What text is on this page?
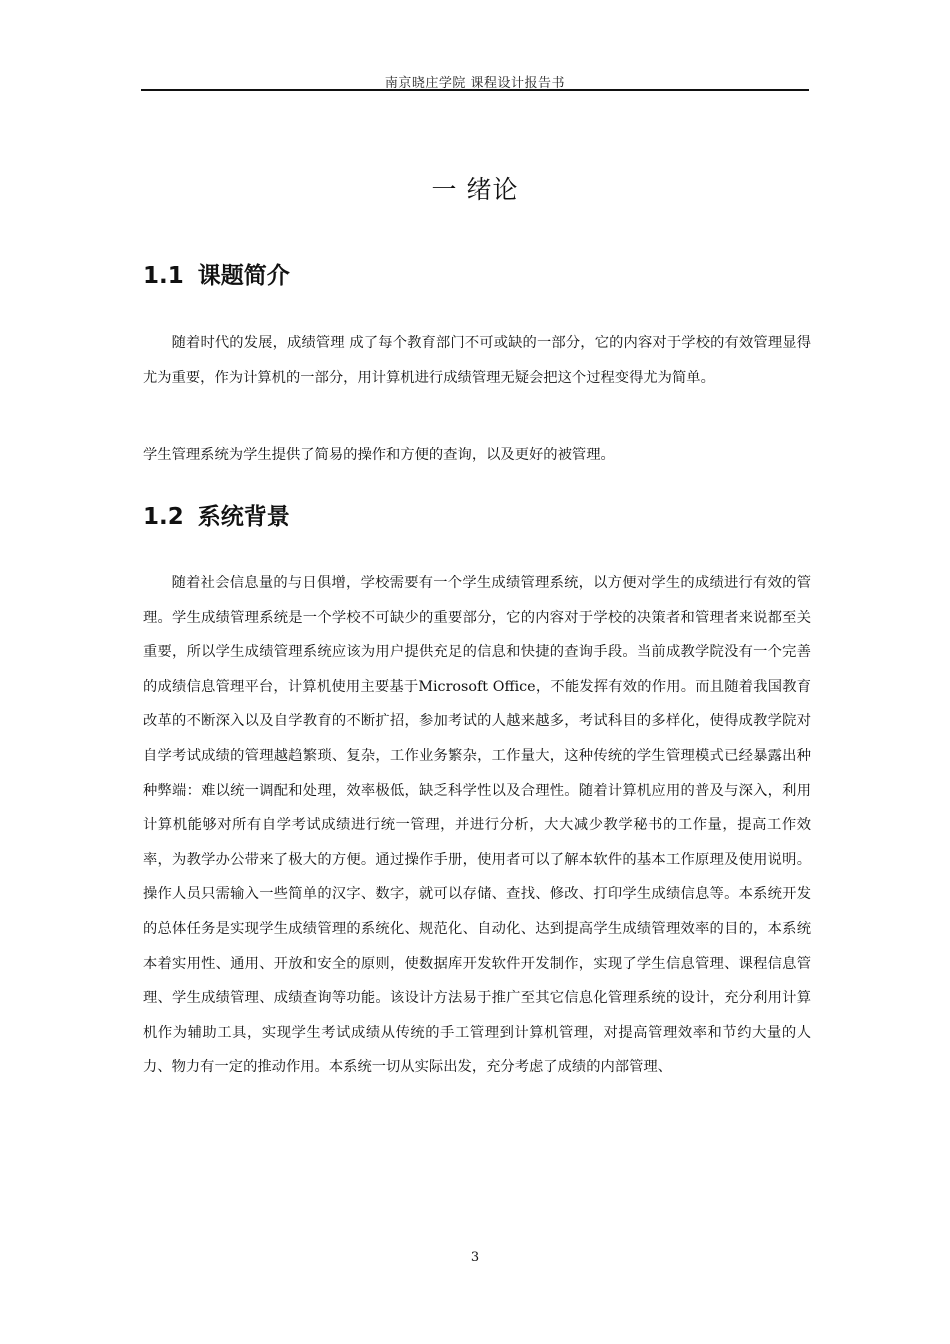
南京晓庄学院 课程设计报告书
一 绪论
1.1 课题简介

随着时代的发展，成绩管理 成了每个教育部门不可或缺的一部分，它的内容对于学校的有效管理显得尤为重要，作为计算机的一部分，用计算机进行成绩管理无疑会把这个过程变得尤为简单。

学生管理系统为学生提供了简易的操作和方便的查询，以及更好的被管理。

1.2 系统背景

随着社会信息量的与日俱增，学校需要有一个学生成绩管理系统，以方便对学生的成绩进行有效的管理。学生成绩管理系统是一个学校不可缺少的重要部分，它的内容对于学校的决策者和管理者来说都至关重要，所以学生成绩管理系统应该为用户提供充足的信息和快捷的查询手段。当前成教学院没有一个完善的成绩信息管理平台，计算机使用主要基于Microsoft Office，不能发挥有效的作用。而且随着我国教育改革的不断深入以及自学教育的不断扩招，参加考试的人越来越多，考试科目的多样化，使得成教学院对自学考试成绩的管理越趋繁琐、复杂，工作业务繁杂，工作量大，这种传统的学生管理模式已经暴露出种种弊端：难以统一调配和处理，效率极低，缺乏科学性以及合理性。随着计算机应用的普及与深入，利用计算机能够对所有自学考试成绩进行统一管理，并进行分析，大大减少教学秘书的工作量，提高工作效率，为教学办公带来了极大的方便。通过操作手册，使用者可以了解本软件的基本工作原理及使用说明。操作人员只需输入一些简单的汉字、数字，就可以存储、查找、修改、打印学生成绩信息等。本系统开发的总体任务是实现学生成绩管理的系统化、规范化、自动化、达到提高学生成绩管理效率的目的，本系统本着实用性、通用、开放和安全的原则，使数据库开发软件开发制作，实现了学生信息管理、课程信息管理、学生成绩管理、成绩查询等功能。该设计方法易于推广至其它信息化管理系统的设计，充分利用计算机作为辅助工具，实现学生考试成绩从传统的手工管理到计算机管理，对提高管理效率和节约大量的人力、物力有一定的推动作用。本系统一切从实际出发，充分考虑了成绩的内部管理、

3
